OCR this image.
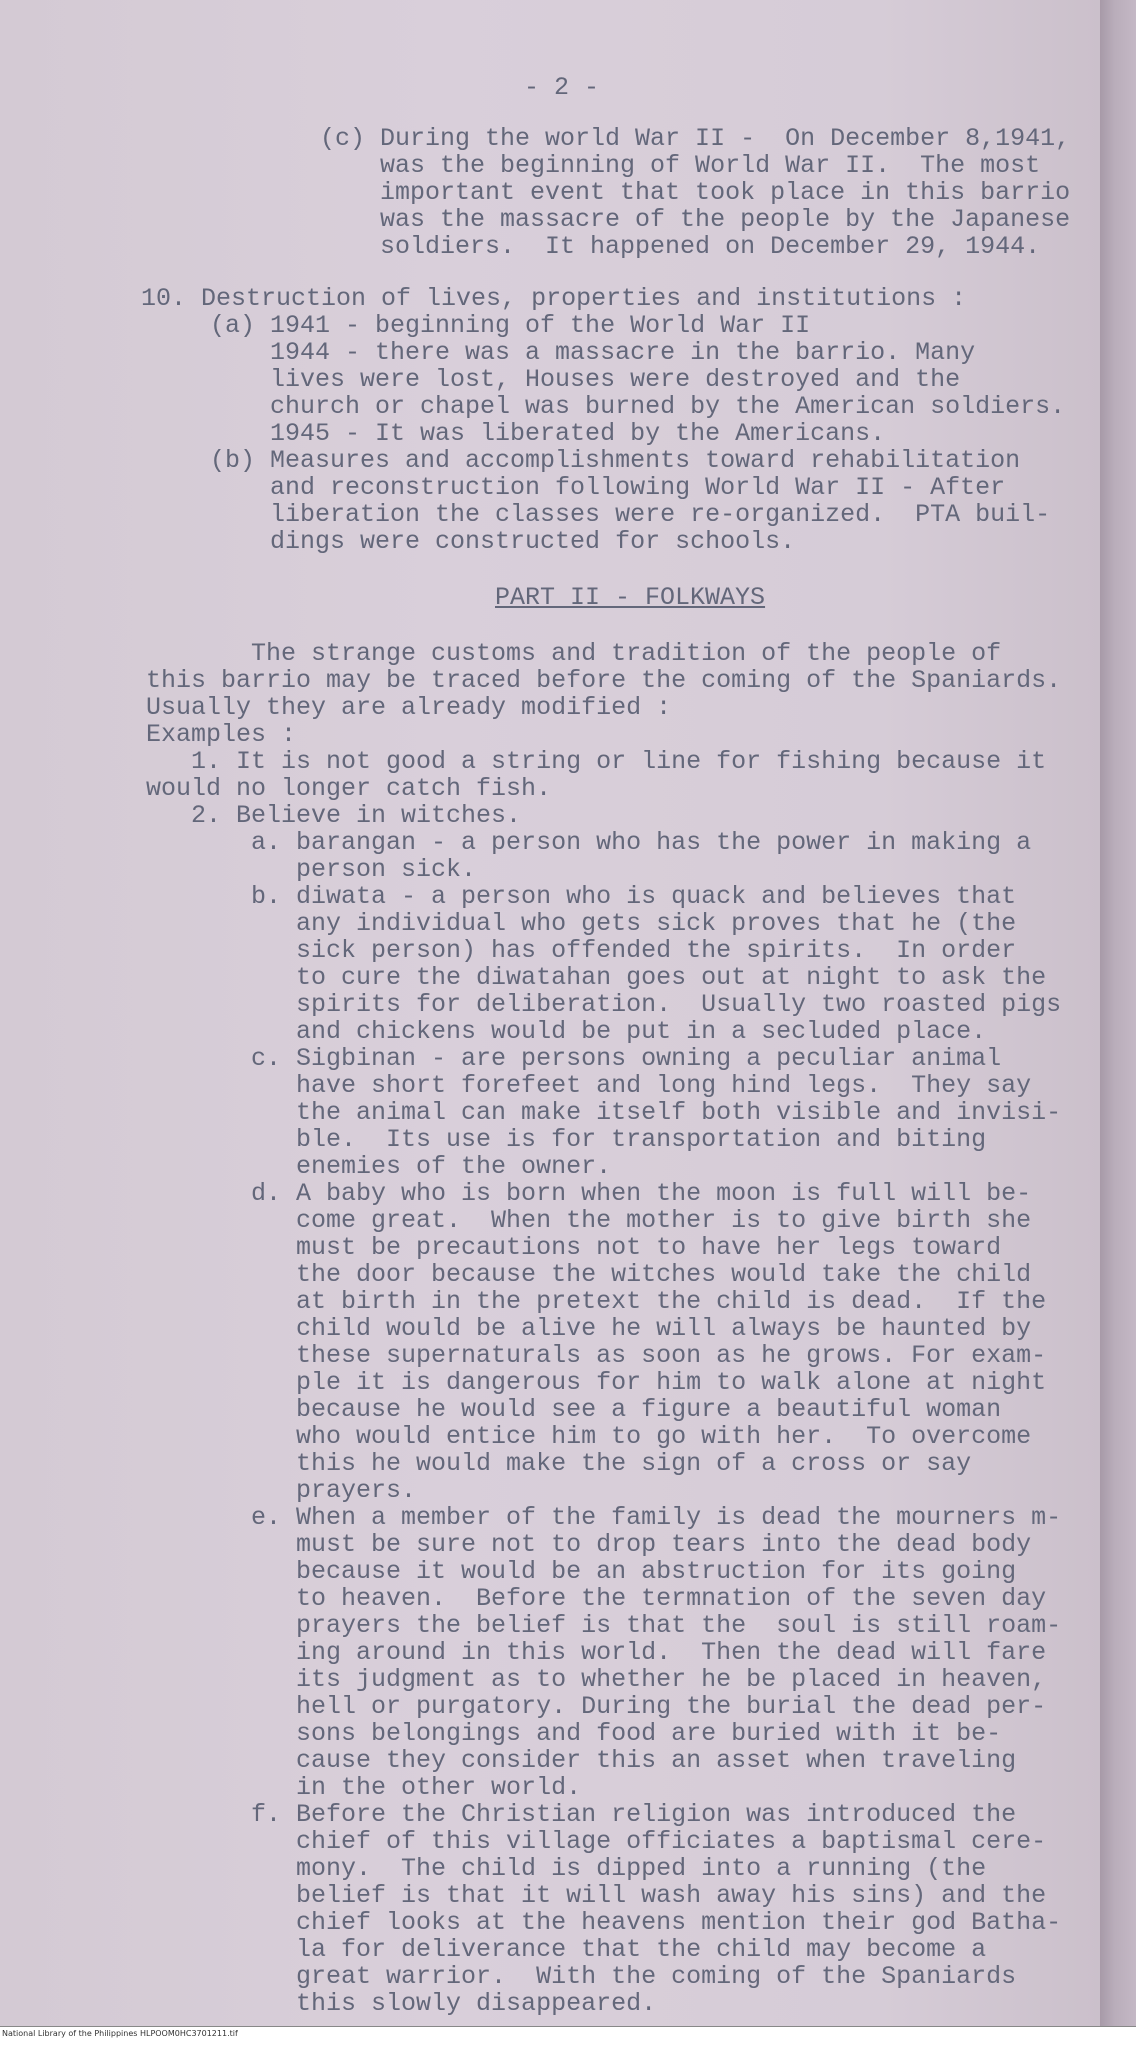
- 2 -
(c) During the world War II -  On December 8,1941,
was the beginning of World War II.  The most
important event that took place in this barrio
was the massacre of the people by the Japanese
soldiers.  It happened on December 29, 1944.
10. Destruction of lives, properties and institutions :
(a) 1941 - beginning of the World War II
1944 - there was a massacre in the barrio. Many
lives were lost, Houses were destroyed and the
church or chapel was burned by the American soldiers.
1945 - It was liberated by the Americans.
(b) Measures and accomplishments toward rehabilitation
and reconstruction following World War II - After
liberation the classes were re-organized.  PTA buil-
dings were constructed for schools.
PART II - FOLKWAYS
The strange customs and tradition of the people of
this barrio may be traced before the coming of the Spaniards.
Usually they are already modified :
Examples :
1. It is not good a string or line for fishing because it
would no longer catch fish.
2. Believe in witches.
a. barangan - a person who has the power in making a
person sick.
b. diwata - a person who is quack and believes that
any individual who gets sick proves that he (the
sick person) has offended the spirits.  In order
to cure the diwatahan goes out at night to ask the
spirits for deliberation.  Usually two roasted pigs
and chickens would be put in a secluded place.
c. Sigbinan - are persons owning a peculiar animal
have short forefeet and long hind legs.  They say
the animal can make itself both visible and invisi-
ble.  Its use is for transportation and biting
enemies of the owner.
d. A baby who is born when the moon is full will be-
come great.  When the mother is to give birth she
must be precautions not to have her legs toward
the door because the witches would take the child
at birth in the pretext the child is dead.  If the
child would be alive he will always be haunted by
these supernaturals as soon as he grows. For exam-
ple it is dangerous for him to walk alone at night
because he would see a figure a beautiful woman
who would entice him to go with her.  To overcome
this he would make the sign of a cross or say
prayers.
e. When a member of the family is dead the mourners m-
must be sure not to drop tears into the dead body
because it would be an abstruction for its going
to heaven.  Before the termnation of the seven day
prayers the belief is that the  soul is still roam-
ing around in this world.  Then the dead will fare
its judgment as to whether he be placed in heaven,
hell or purgatory. During the burial the dead per-
sons belongings and food are buried with it be-
cause they consider this an asset when traveling
in the other world.
f. Before the Christian religion was introduced the
chief of this village officiates a baptismal cere-
mony.  The child is dipped into a running (the
belief is that it will wash away his sins) and the
chief looks at the heavens mention their god Batha-
la for deliverance that the child may become a
great warrior.  With the coming of the Spaniards
this slowly disappeared.
National Library of the Philippines HLPOOM0HC3701211.tif
